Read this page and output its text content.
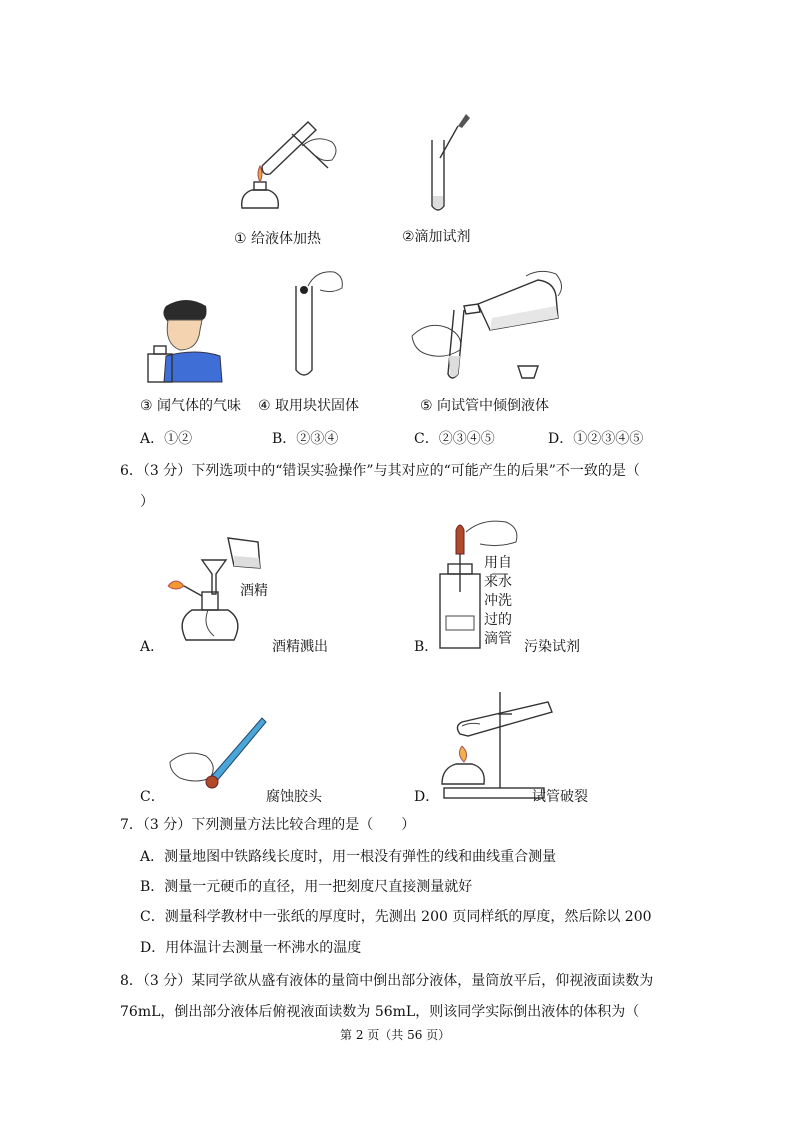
① 给液体加热	②滴加试剂
③ 闻气体的气味 ④ 取用块状固体	⑤ 向试管中倾倒液体
A．①②	B．②③④	C．②③④⑤	D．①②③④⑤
6．（3 分）下列选项中的“错误实验操作”与其对应的“可能产生的后果”不一致的是（
）
酒精
A．	酒精溅出
用自
来水
冲洗
过的
滴管
B．	污染试剂
C．	腐蚀胶头	D．	试管破裂
7．（3 分）下列测量方法比较合理的是（　　）
A．测量地图中铁路线长度时，用一根没有弹性的线和曲线重合测量
B．测量一元硬币的直径，用一把刻度尺直接测量就好
C．测量科学教材中一张纸的厚度时，先测出 200 页同样纸的厚度，然后除以 200
D．用体温计去测量一杯沸水的温度
8．（3 分）某同学欲从盛有液体的量筒中倒出部分液体，量筒放平后，仰视液面读数为
76mL，倒出部分液体后俯视液面读数为 56mL，则该同学实际倒出液体的体积为（
第 2 页（共 56 页）
